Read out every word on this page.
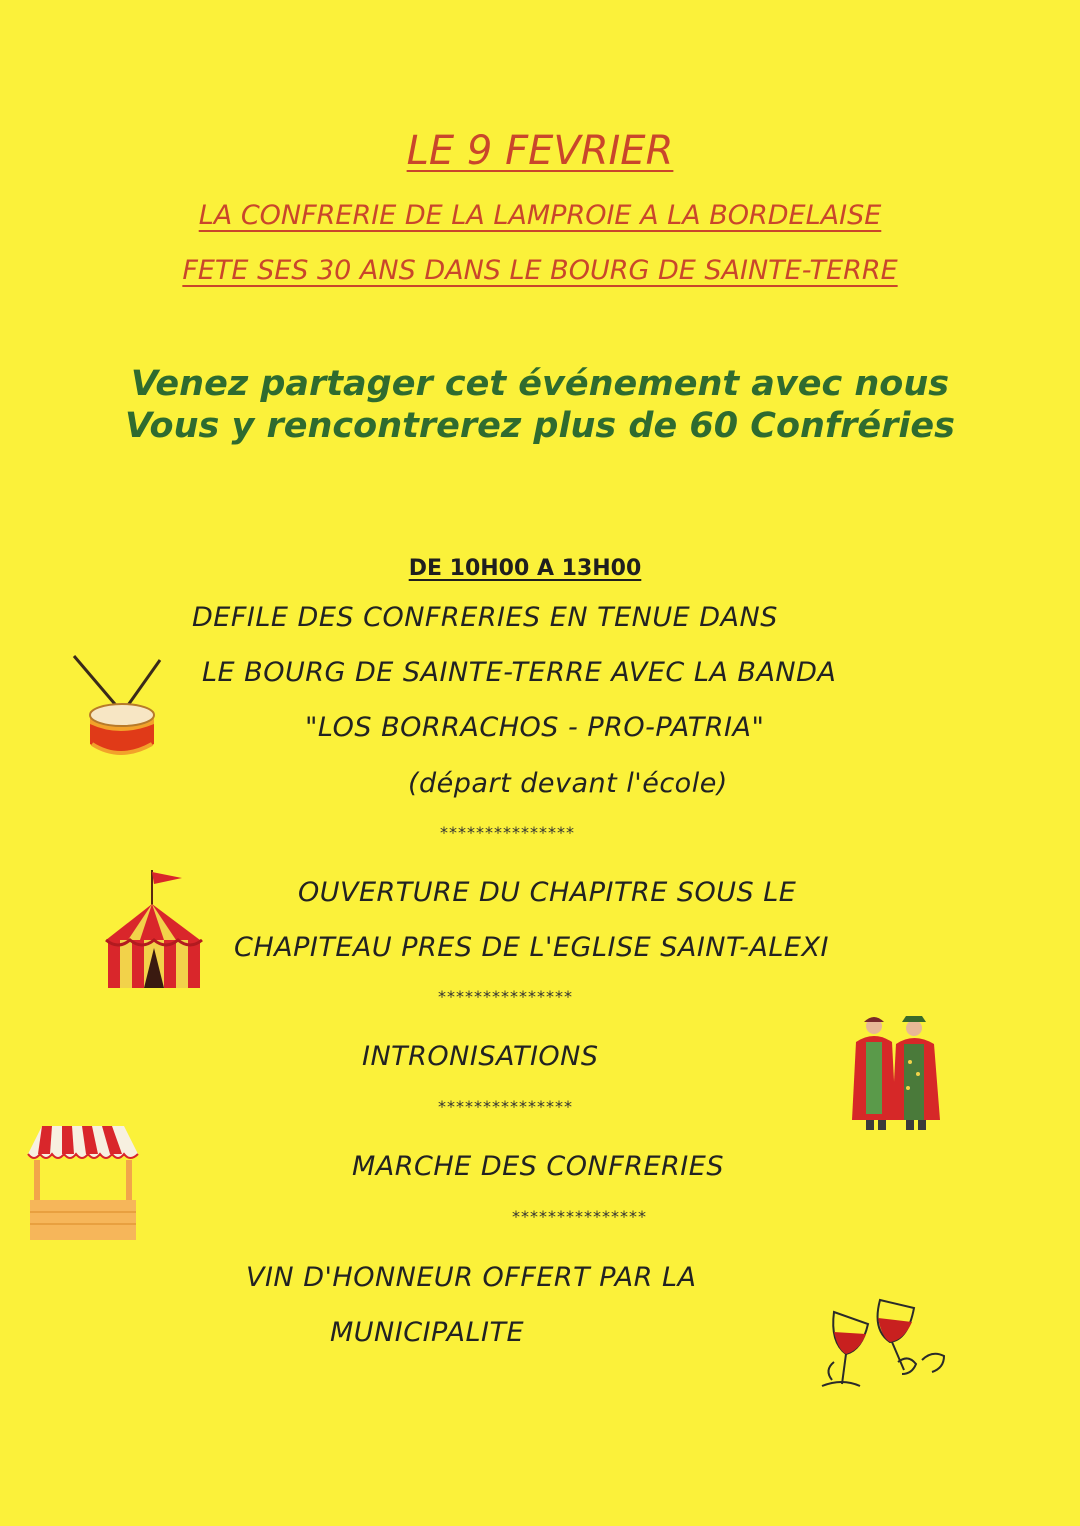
LE 9 FEVRIER
LA CONFRERIE DE LA LAMPROIE A LA BORDELAISE
FETE SES 30 ANS DANS LE BOURG DE SAINTE-TERRE
Venez partager cet événement avec nous
Vous y rencontrerez plus de 60 Confréries
DE 10H00 A 13H00
DEFILE DES CONFRERIES EN TENUE DANS
LE BOURG DE SAINTE-TERRE AVEC LA BANDA
"LOS BORRACHOS - PRO-PATRIA"
(départ devant l'école)
***************
OUVERTURE DU CHAPITRE SOUS LE
CHAPITEAU PRES DE L'EGLISE SAINT-ALEXI
***************
INTRONISATIONS
***************
MARCHE DES CONFRERIES
***************
VIN D'HONNEUR OFFERT PAR LA
MUNICIPALITE
